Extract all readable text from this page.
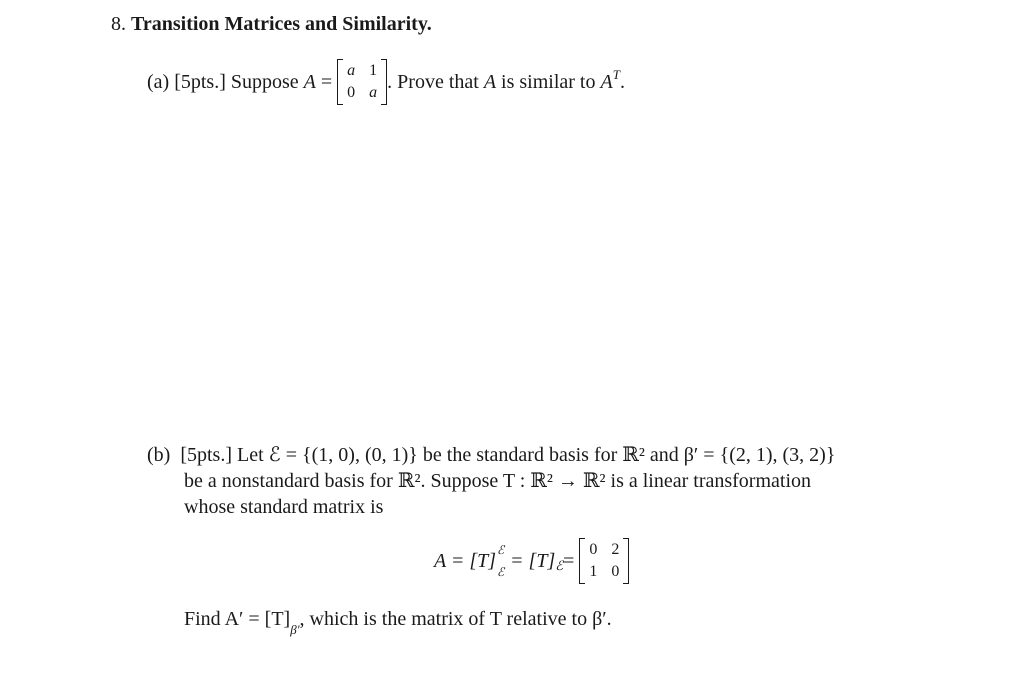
8. Transition Matrices and Similarity.
(a)
[5pts.]
Suppose
A
=

a 1
0 a . Prove that
A
is similar to
$A^T$ .
(b) [5pts.] Let ℰ = {(1, 0), (0, 1)} be the standard basis for ℝ² and β′ = {(2, 1), (3, 2)}
be a nonstandard basis for ℝ². Suppose T : ℝ² → ℝ² is a linear transformation
whose standard matrix is
A = [T] ℰ
ℰ = $[T]_ℰ$ =

0 2
1 0
Find $A' = [T]_{\beta'}$, which is the matrix of T relative to β′.
